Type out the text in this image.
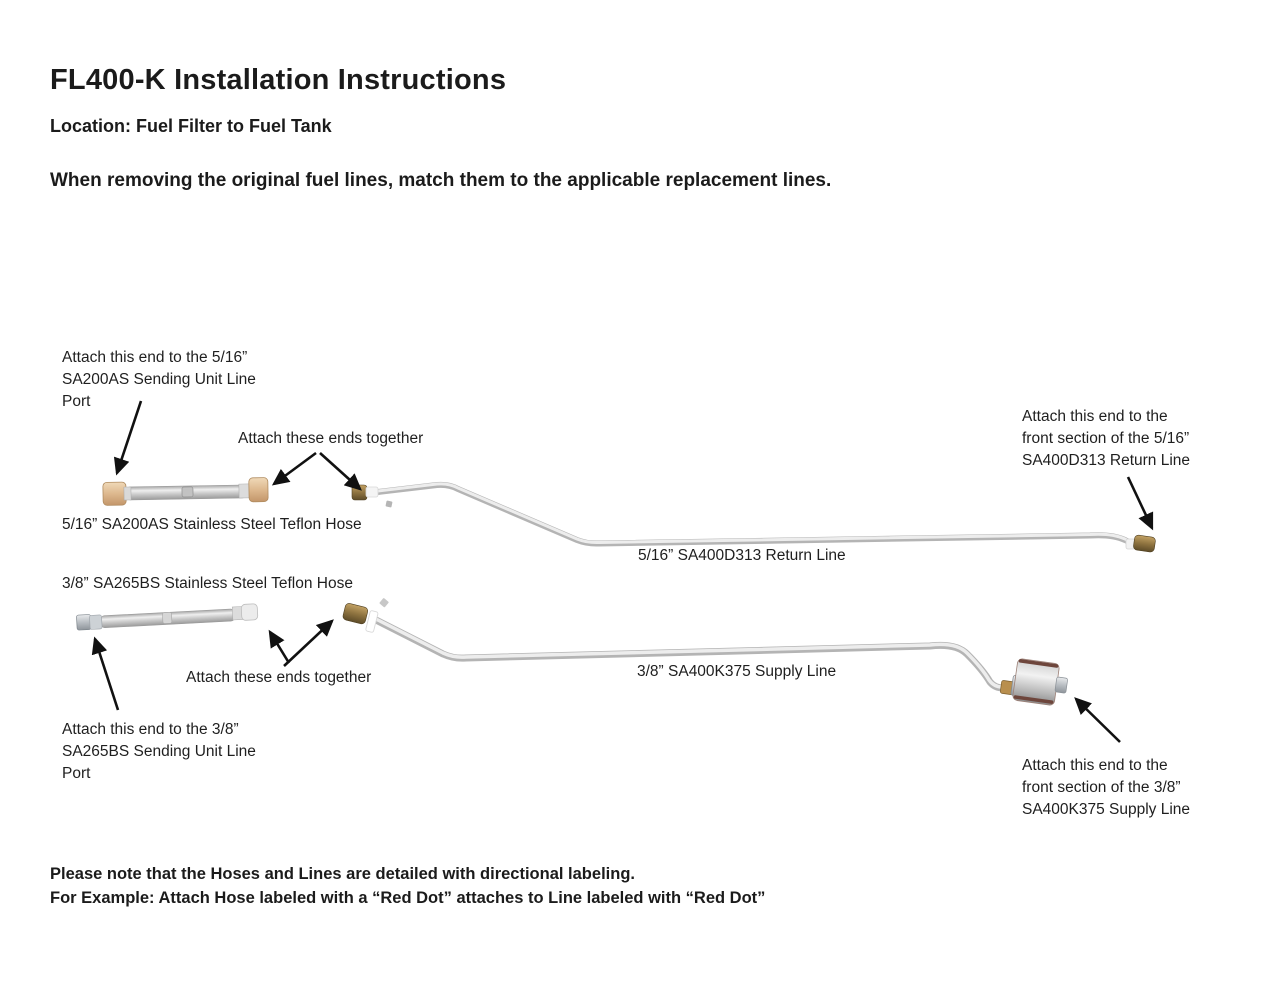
FL400-K Installation Instructions
Location: Fuel Filter to Fuel Tank
When removing the original fuel lines, match them to the applicable replacement lines.
Attach this end to the 5/16”
SA200AS Sending Unit Line
Port
Attach these ends together
5/16” SA200AS Stainless Steel Teflon Hose
5/16” SA400D313 Return Line
Attach this end to the
front section of the 5/16”
SA400D313 Return Line
3/8” SA265BS Stainless Steel Teflon Hose
Attach these ends together
Attach this end to the 3/8”
SA265BS Sending Unit Line
Port
3/8” SA400K375 Supply Line
Attach this end to the
front section of the 3/8”
SA400K375 Supply Line
Please note that the Hoses and Lines are detailed with directional labeling.
For Example: Attach Hose labeled with a “Red Dot” attaches to Line labeled with “Red Dot”
